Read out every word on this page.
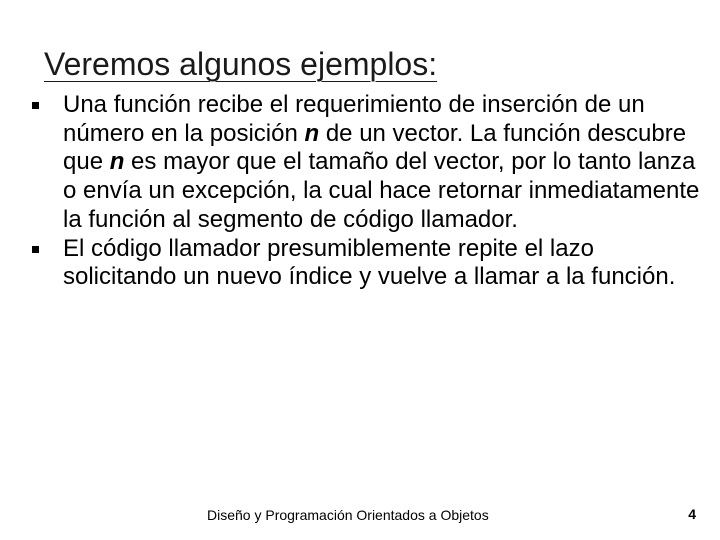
Veremos algunos ejemplos:
Una función recibe el requerimiento de inserción de un número en la posición n de un vector. La función descubre que n es mayor que el tamaño del vector, por lo tanto lanza o envía un excepción, la cual hace retornar inmediatamente la función al segmento de código llamador.
El código llamador presumiblemente repite el lazo solicitando un nuevo índice y vuelve a llamar a la función.
Diseño y Programación Orientados a Objetos	4
